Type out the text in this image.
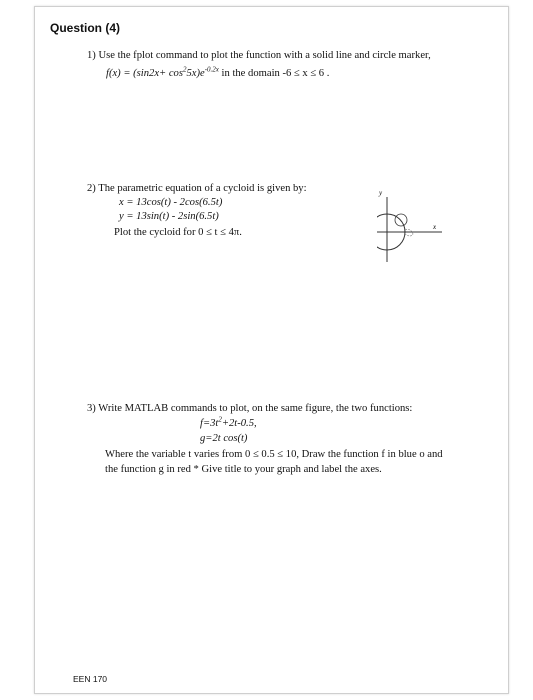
Question (4)
1) Use the fplot command to plot the function with a solid line and circle marker,
$f(x) = (\sin 2x+ \cos^25x)e^{-0.2x}$ in the domain -6 ≤ x ≤ 6 .
2) The parametric equation of a cycloid is given by:
x = 13cos(t) - 2cos(6.5t)
y = 13sin(t) - 2sin(6.5t)
Plot the cycloid for 0 ≤ t ≤ 4π.
y
x
3) Write MATLAB commands to plot, on the same figure, the two functions:
$f=3t^2+2t-0.5$,
g=2t cos(t)
Where the variable t varies from 0 ≤ 0.5 ≤ 10, Draw the function f in blue o and
the function g in red * Give title to your graph and label the axes.
EEN 170
